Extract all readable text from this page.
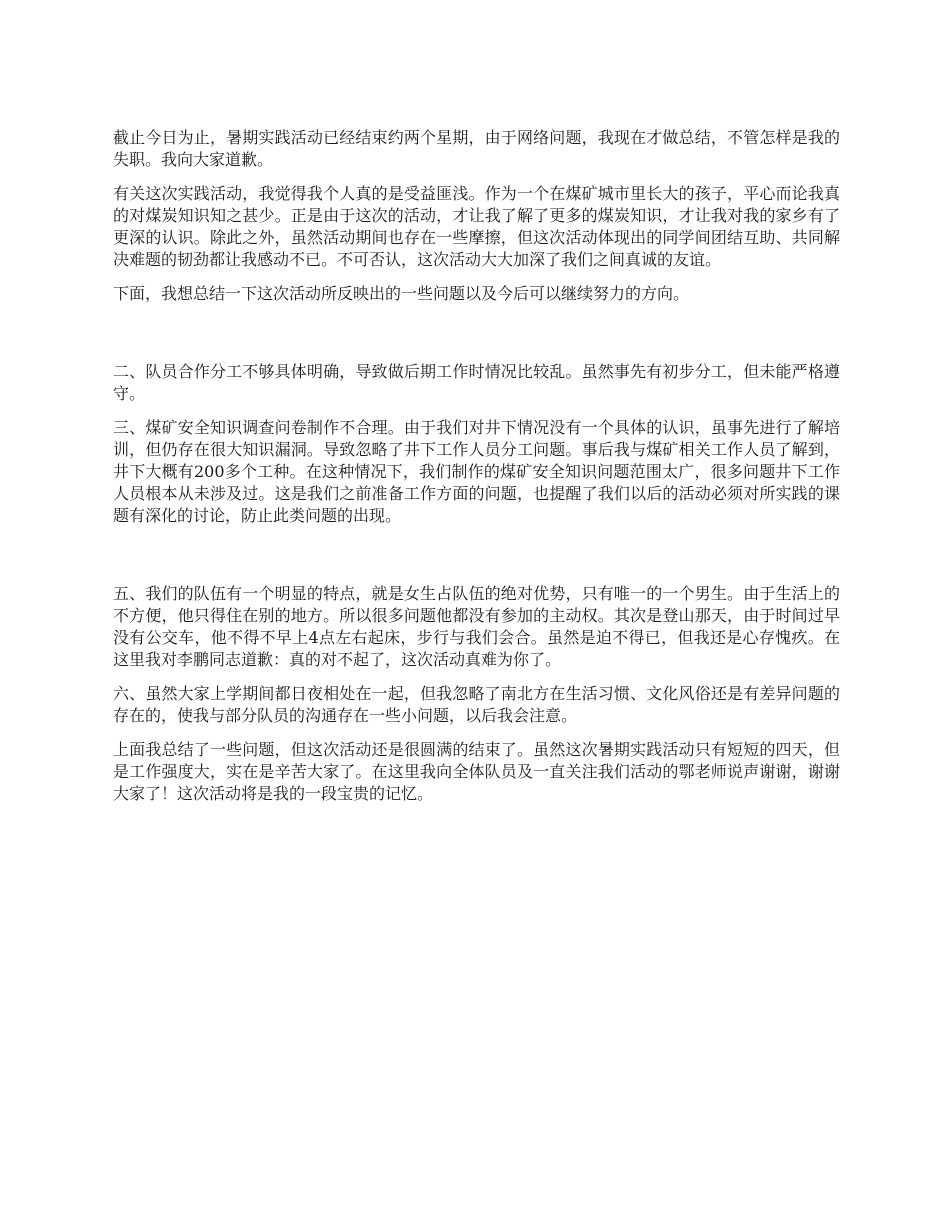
截止今日为止，暑期实践活动已经结束约两个星期，由于网络问题，我现在才做总结，不管怎样是我的失职。我向大家道歉。

有关这次实践活动，我觉得我个人真的是受益匪浅。作为一个在煤矿城市里长大的孩子，平心而论我真的对煤炭知识知之甚少。正是由于这次的活动，才让我了解了更多的煤炭知识，才让我对我的家乡有了更深的认识。除此之外，虽然活动期间也存在一些摩擦，但这次活动体现出的同学间团结互助、共同解决难题的韧劲都让我感动不已。不可否认，这次活动大大加深了我们之间真诚的友谊。

下面，我想总结一下这次活动所反映出的一些问题以及今后可以继续努力的方向。

二、队员合作分工不够具体明确，导致做后期工作时情况比较乱。虽然事先有初步分工，但未能严格遵守。

三、煤矿安全知识调查问卷制作不合理。由于我们对井下情况没有一个具体的认识，虽事先进行了解培训，但仍存在很大知识漏洞。导致忽略了井下工作人员分工问题。事后我与煤矿相关工作人员了解到，井下大概有200多个工种。在这种情况下，我们制作的煤矿安全知识问题范围太广，很多问题井下工作人员根本从未涉及过。这是我们之前准备工作方面的问题，也提醒了我们以后的活动必须对所实践的课题有深化的讨论，防止此类问题的出现。

五、我们的队伍有一个明显的特点，就是女生占队伍的绝对优势，只有唯一的一个男生。由于生活上的不方便，他只得住在别的地方。所以很多问题他都没有参加的主动权。其次是登山那天，由于时间过早没有公交车，他不得不早上4点左右起床，步行与我们会合。虽然是迫不得已，但我还是心存愧疚。在这里我对李鹏同志道歉：真的对不起了，这次活动真难为你了。

六、虽然大家上学期间都日夜相处在一起，但我忽略了南北方在生活习惯、文化风俗还是有差异问题的存在的，使我与部分队员的沟通存在一些小问题，以后我会注意。

上面我总结了一些问题，但这次活动还是很圆满的结束了。虽然这次暑期实践活动只有短短的四天，但是工作强度大，实在是辛苦大家了。在这里我向全体队员及一直关注我们活动的鄂老师说声谢谢，谢谢大家了！这次活动将是我的一段宝贵的记忆。
